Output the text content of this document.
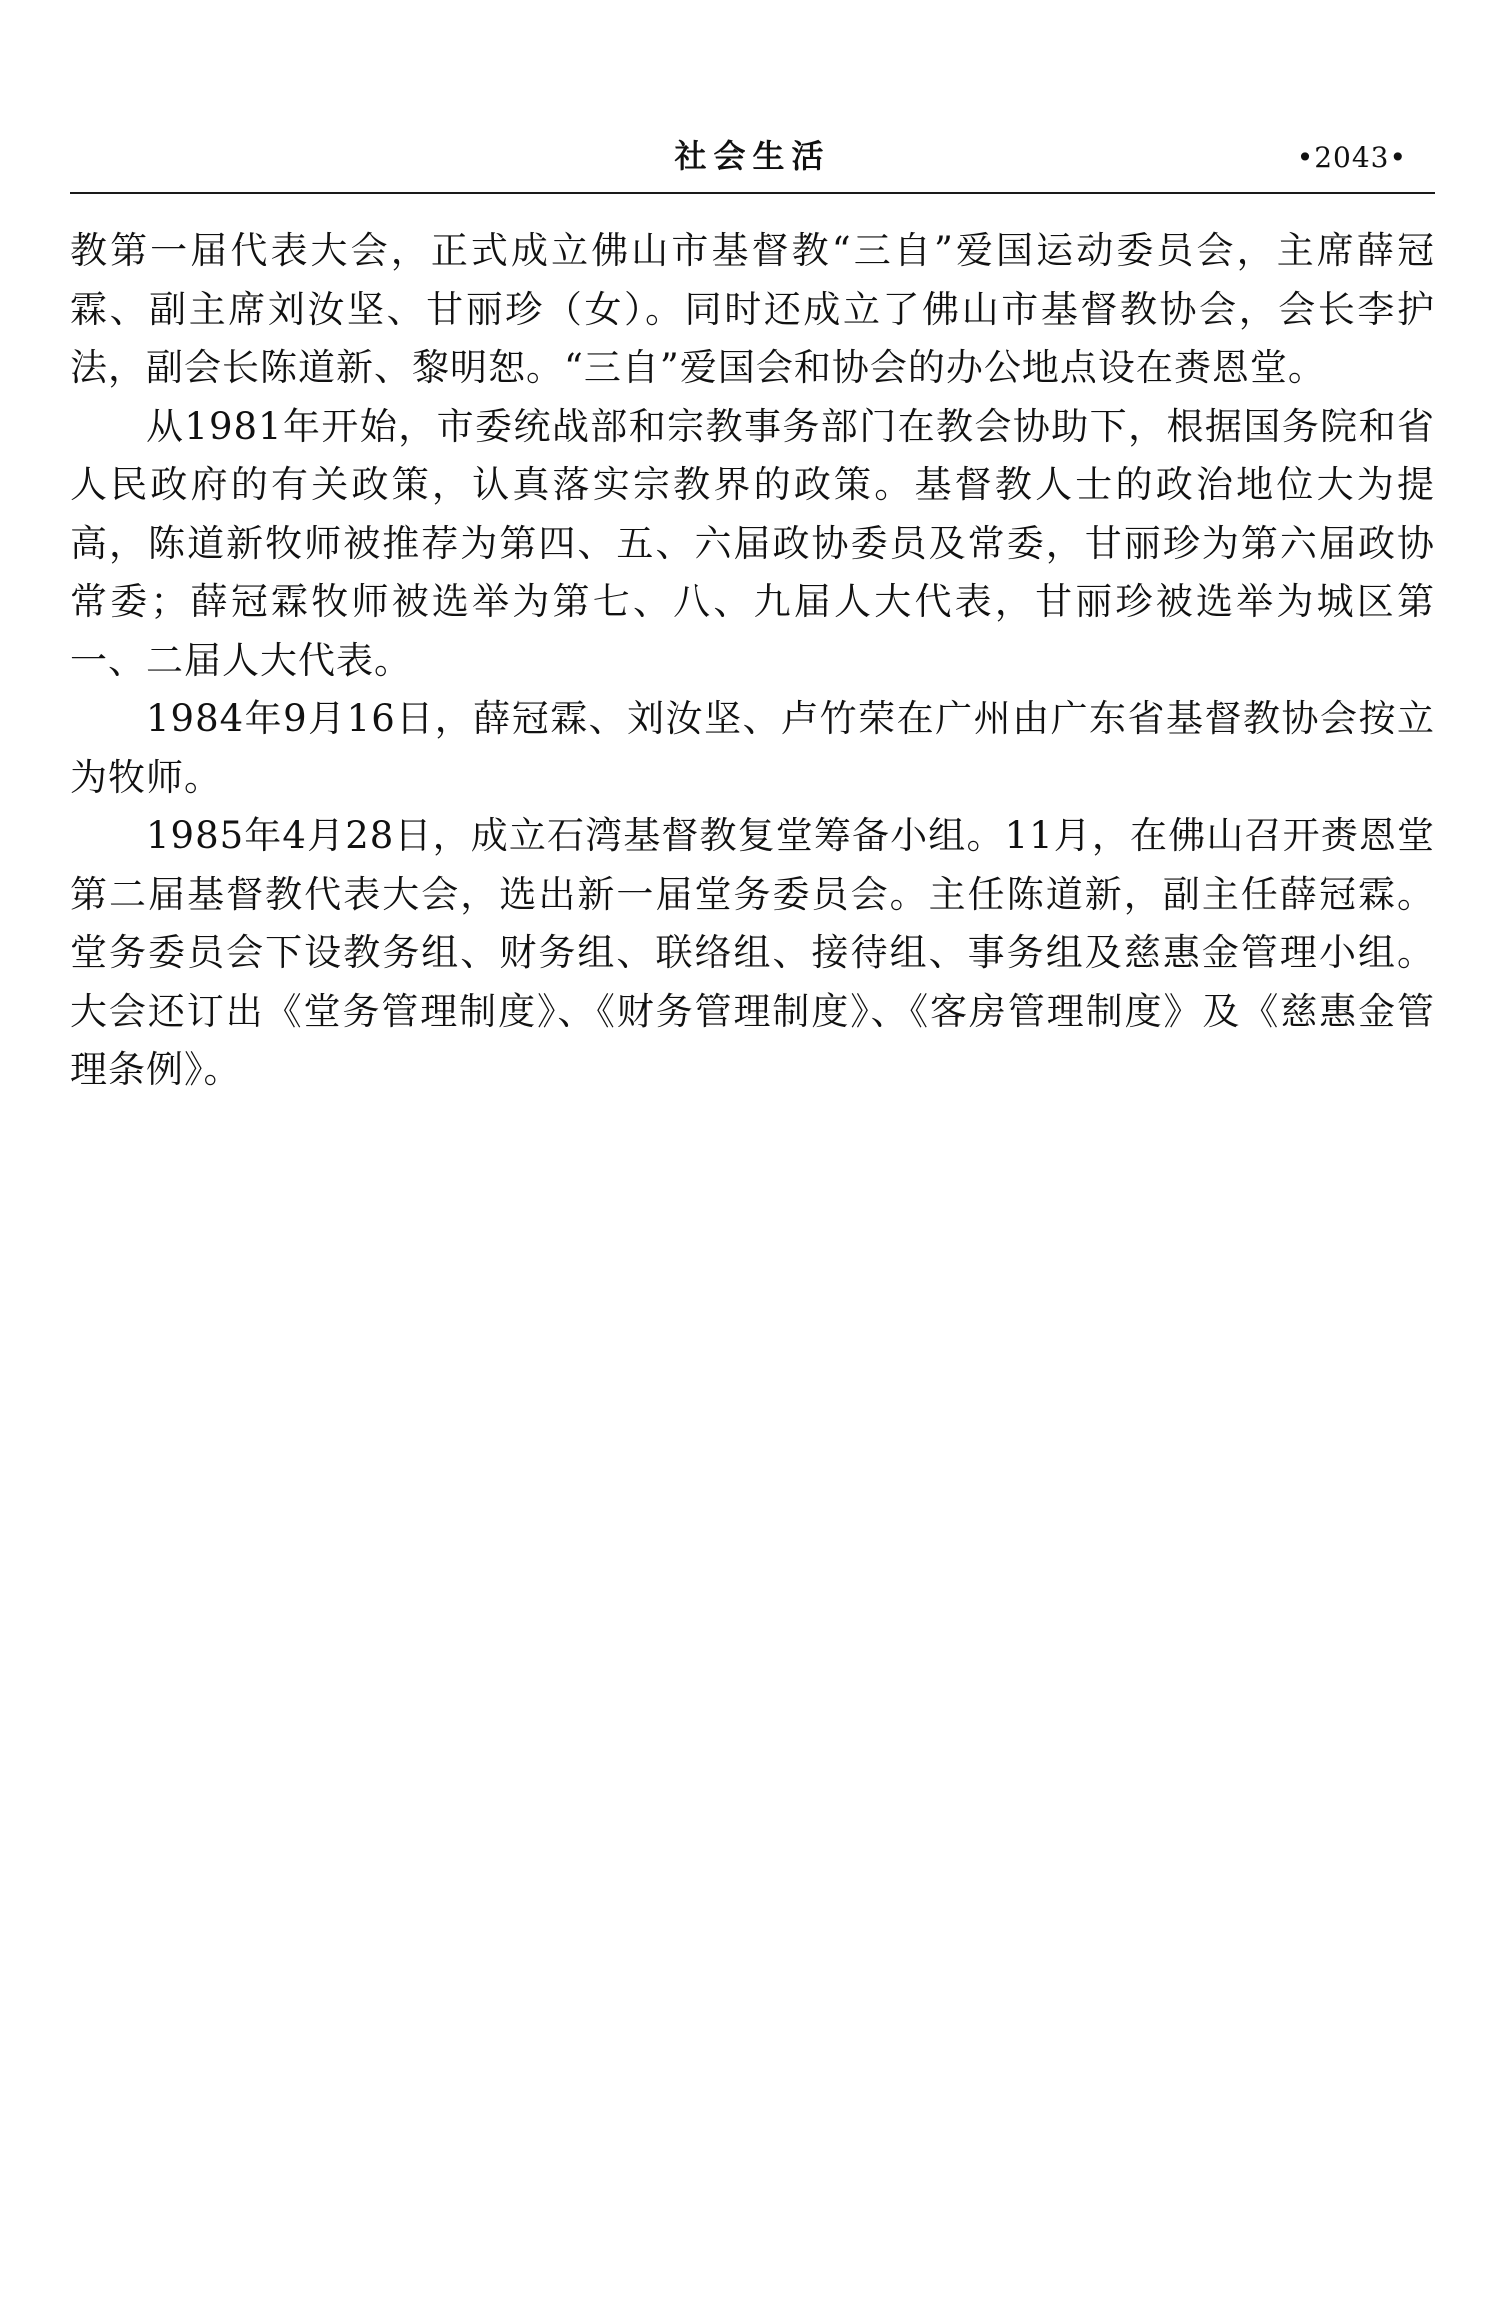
社会生活	•2043•

教第一届代表大会，正式成立佛山市基督教“三自”爱国运动委员会，主席薛冠霖、副主席刘汝坚、甘丽珍（女）。同时还成立了佛山市基督教协会，会长李护法，副会长陈道新、黎明恕。“三自”爱国会和协会的办公地点设在赉恩堂。

从1981年开始，市委统战部和宗教事务部门在教会协助下，根据国务院和省人民政府的有关政策，认真落实宗教界的政策。基督教人士的政治地位大为提高，陈道新牧师被推荐为第四、五、六届政协委员及常委，甘丽珍为第六届政协常委；薛冠霖牧师被选举为第七、八、九届人大代表，甘丽珍被选举为城区第一、二届人大代表。

1984年9月16日，薛冠霖、刘汝坚、卢竹荣在广州由广东省基督教协会按立为牧师。

1985年4月28日，成立石湾基督教复堂筹备小组。11月，在佛山召开赉恩堂第二届基督教代表大会，选出新一届堂务委员会。主任陈道新，副主任薛冠霖。堂务委员会下设教务组、财务组、联络组、接待组、事务组及慈惠金管理小组。大会还订出《堂务管理制度》、《财务管理制度》、《客房管理制度》及《慈惠金管理条例》。
